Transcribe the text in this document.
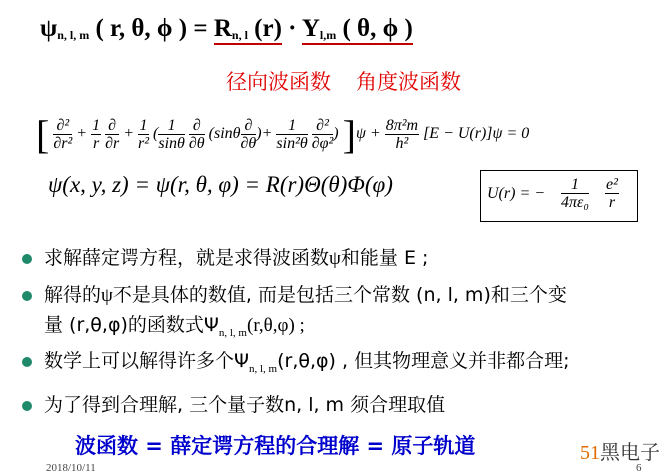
$\psi_{n, l, m}$ ( r, θ, ϕ ) = $R_{n, l}$ $(r) \cdot Y_{l,m}$ ( θ, ϕ )
径向波函数 角度波函数
[ $\frac{\text{∂²}}{\text{∂r²}} + \frac{1}{r}$
$\frac{\partial}{\partial r} + \frac{1}{\text{r²}}$ ( $\frac{1}{\sin\theta}$
$\frac{\partial}{\partial\theta} (\sin\theta \frac{\partial}{\partial\theta}$ )+ $\frac{1}{\text{sin²θ}}$
$\frac{\text{∂²}}{\text{∂φ²}}$ ) ]$\psi + \frac{\text{8π²m}}{\text{h²}} [E - U(r)]\psi = 0$
ψ(x, y, z) = ψ(r, θ, φ) = R(r)Θ(θ)Φ(φ)	U(r) = − $\frac{1}{\text{4πε₀}} \frac{\text{e²}}{r}$
求解薛定谔方程，就是求得波函数ψ和能量 E ;
解得的ψ不是具体的数值, 而是包括三个常数 (n, l, m)和三个变
量 (r,θ,φ)的函数式$\Psi_{n, l, m}(r,\theta,\varphi)$ ;
数学上可以解得许多个$\Psi_{n, l, m}(r,\theta,\varphi)$ , 但其物理意义并非都合理;
为了得到合理解, 三个量子数n, l, m 须合理取值
波函数 = 薛定谔方程的合理解 = 原子轨道	51黑电子
2018/10/11	6
